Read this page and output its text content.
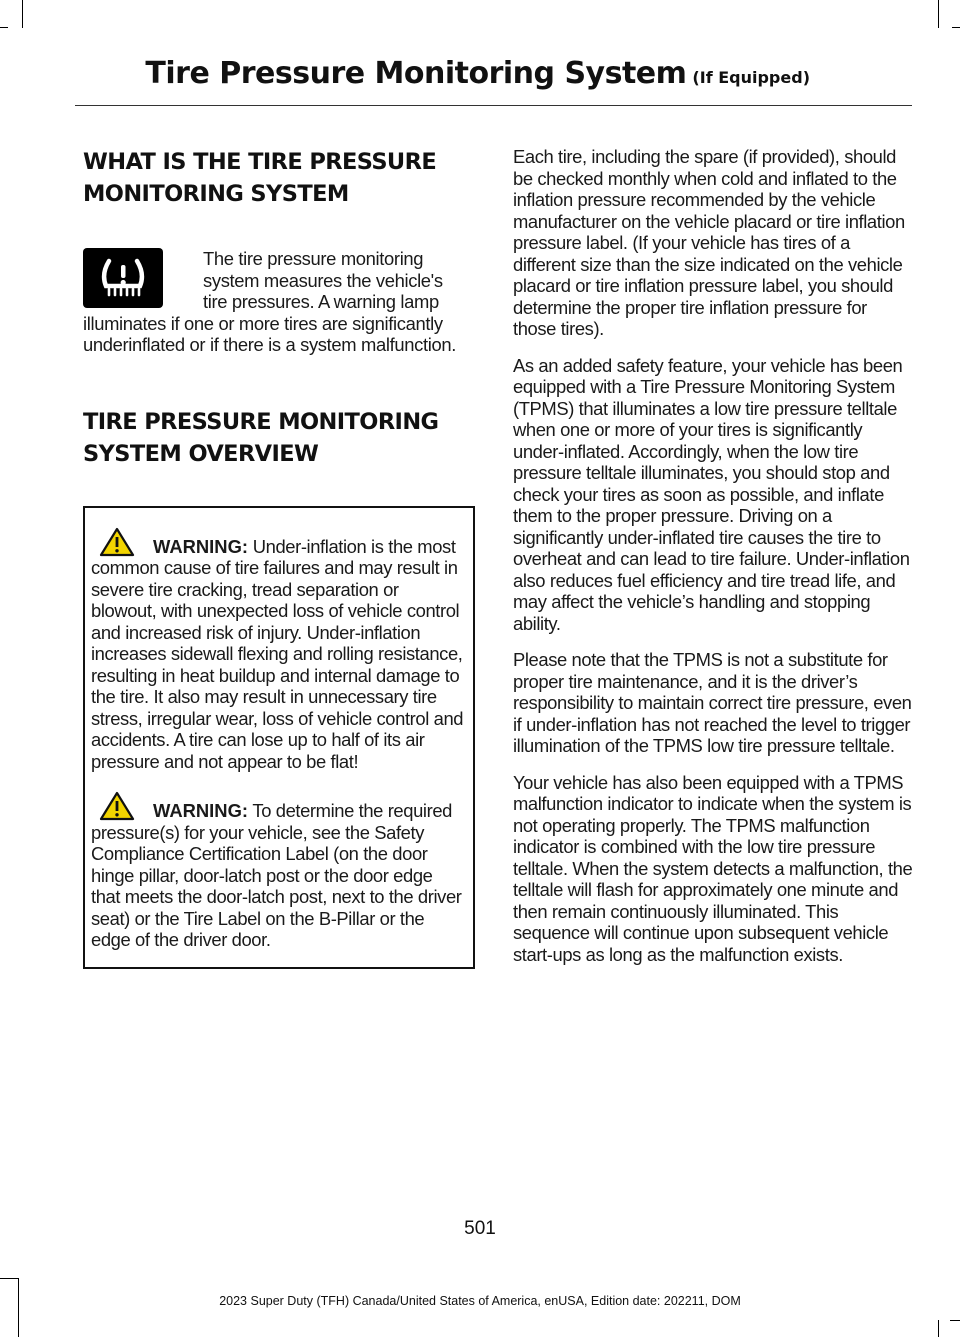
Tire Pressure Monitoring System (If Equipped)
WHAT IS THE TIRE PRESSURE
MONITORING SYSTEM

The tire pressure monitoring

system measures the vehicle's

tire pressures. A warning lamp

illuminates if one or more tires are significantly underinflated or if there is a system malfunction.

TIRE PRESSURE MONITORING
SYSTEM OVERVIEW

WARNING: Under-inflation is the most common cause of tire failures and may result in severe tire cracking, tread separation or blowout, with unexpected loss of vehicle control and increased risk of injury. Under-inflation increases sidewall flexing and rolling resistance, resulting in heat buildup and internal damage to the tire. It also may result in unnecessary tire stress, irregular wear, loss of vehicle control and accidents. A tire can lose up to half of its air pressure and not appear to be flat!

WARNING: To determine the required pressure(s) for your vehicle, see the Safety Compliance Certification Label (on the door hinge pillar, door-latch post or the door edge that meets the door-latch post, next to the driver seat) or the Tire Label on the B-Pillar or the edge of the driver door.

Each tire, including the spare (if provided), should be checked monthly when cold and inflated to the inflation pressure recommended by the vehicle manufacturer on the vehicle placard or tire inflation pressure label. (If your vehicle has tires of a different size than the size indicated on the vehicle placard or tire inflation pressure label, you should determine the proper tire inflation pressure for those tires).

As an added safety feature, your vehicle has been equipped with a Tire Pressure Monitoring System (TPMS) that illuminates a low tire pressure telltale when one or more of your tires is significantly under-inflated. Accordingly, when the low tire pressure telltale illuminates, you should stop and check your tires as soon as possible, and inflate them to the proper pressure. Driving on a significantly under-inflated tire causes the tire to overheat and can lead to tire failure. Under-inflation also reduces fuel efficiency and tire tread life, and may affect the vehicle’s handling and stopping ability.

Please note that the TPMS is not a substitute for proper tire maintenance, and it is the driver’s responsibility to maintain correct tire pressure, even if under-inflation has not reached the level to trigger illumination of the TPMS low tire pressure telltale.

Your vehicle has also been equipped with a TPMS malfunction indicator to indicate when the system is not operating properly. The TPMS malfunction indicator is combined with the low tire pressure telltale. When the system detects a malfunction, the telltale will flash for approximately one minute and then remain continuously illuminated. This sequence will continue upon subsequent vehicle start-ups as long as the malfunction exists.

501
2023 Super Duty (TFH) Canada/United States of America, enUSA, Edition date: 202211, DOM
